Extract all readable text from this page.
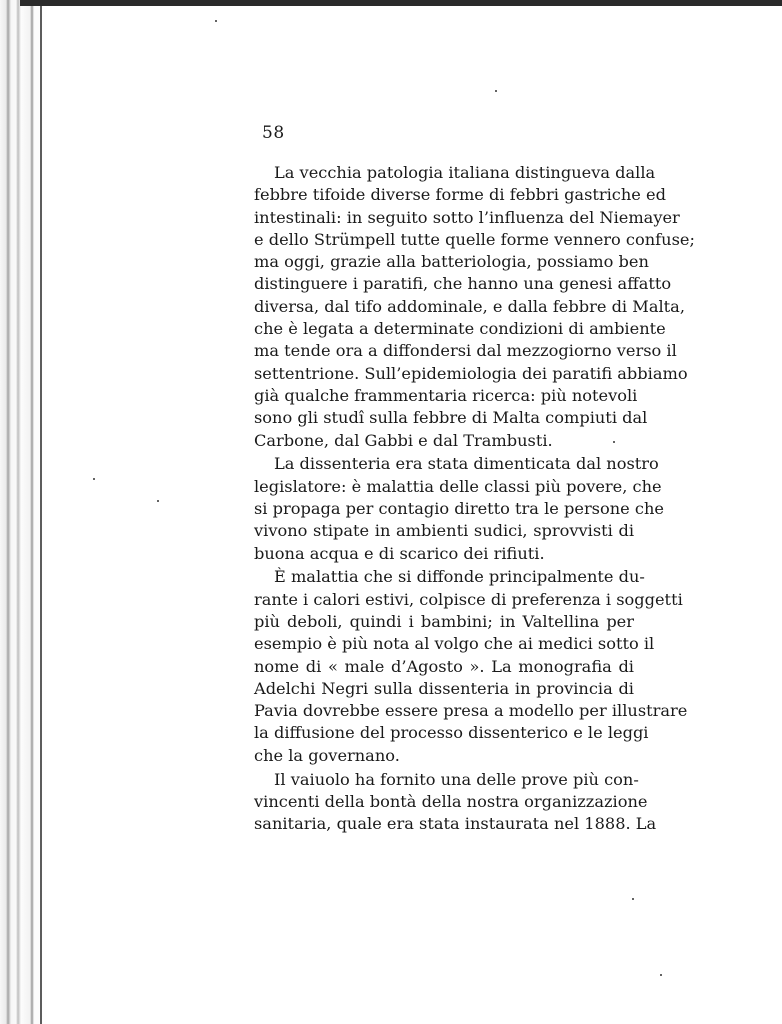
58
La vecchia patologia italiana distingueva dalla
febbre tifoide diverse forme di febbri gastriche ed
intestinali: in seguito sotto l’influenza del Niemayer
e dello Strümpell tutte quelle forme vennero confuse;
ma oggi, grazie alla batteriologia, possiamo ben
distinguere i paratifi, che hanno una genesi affatto
diversa, dal tifo addominale, e dalla febbre di Malta,
che è legata a determinate condizioni di ambiente
ma tende ora a diffondersi dal mezzogiorno verso il
settentrione. Sull’epidemiologia dei paratifi abbiamo
già qualche frammentaria ricerca: più notevoli
sono gli studî sulla febbre di Malta compiuti dal
Carbone, dal Gabbi e dal Trambusti.
La dissenteria era stata dimenticata dal nostro
legislatore: è malattia delle classi più povere, che
si propaga per contagio diretto tra le persone che
vivono stipate in ambienti sudici, sprovvisti di
buona acqua e di scarico dei rifiuti.
È malattia che si diffonde principalmente du-
rante i calori estivi, colpisce di preferenza i soggetti
più deboli, quindi i bambini; in Valtellina per
esempio è più nota al volgo che ai medici sotto il
nome di « male d’Agosto ». La monografia di
Adelchi Negri sulla dissenteria in provincia di
Pavia dovrebbe essere presa a modello per illustrare
la diffusione del processo dissenterico e le leggi
che la governano.
Il vaiuolo ha fornito una delle prove più con-
vincenti della bontà della nostra organizzazione
sanitaria, quale era stata instaurata nel 1888. La
